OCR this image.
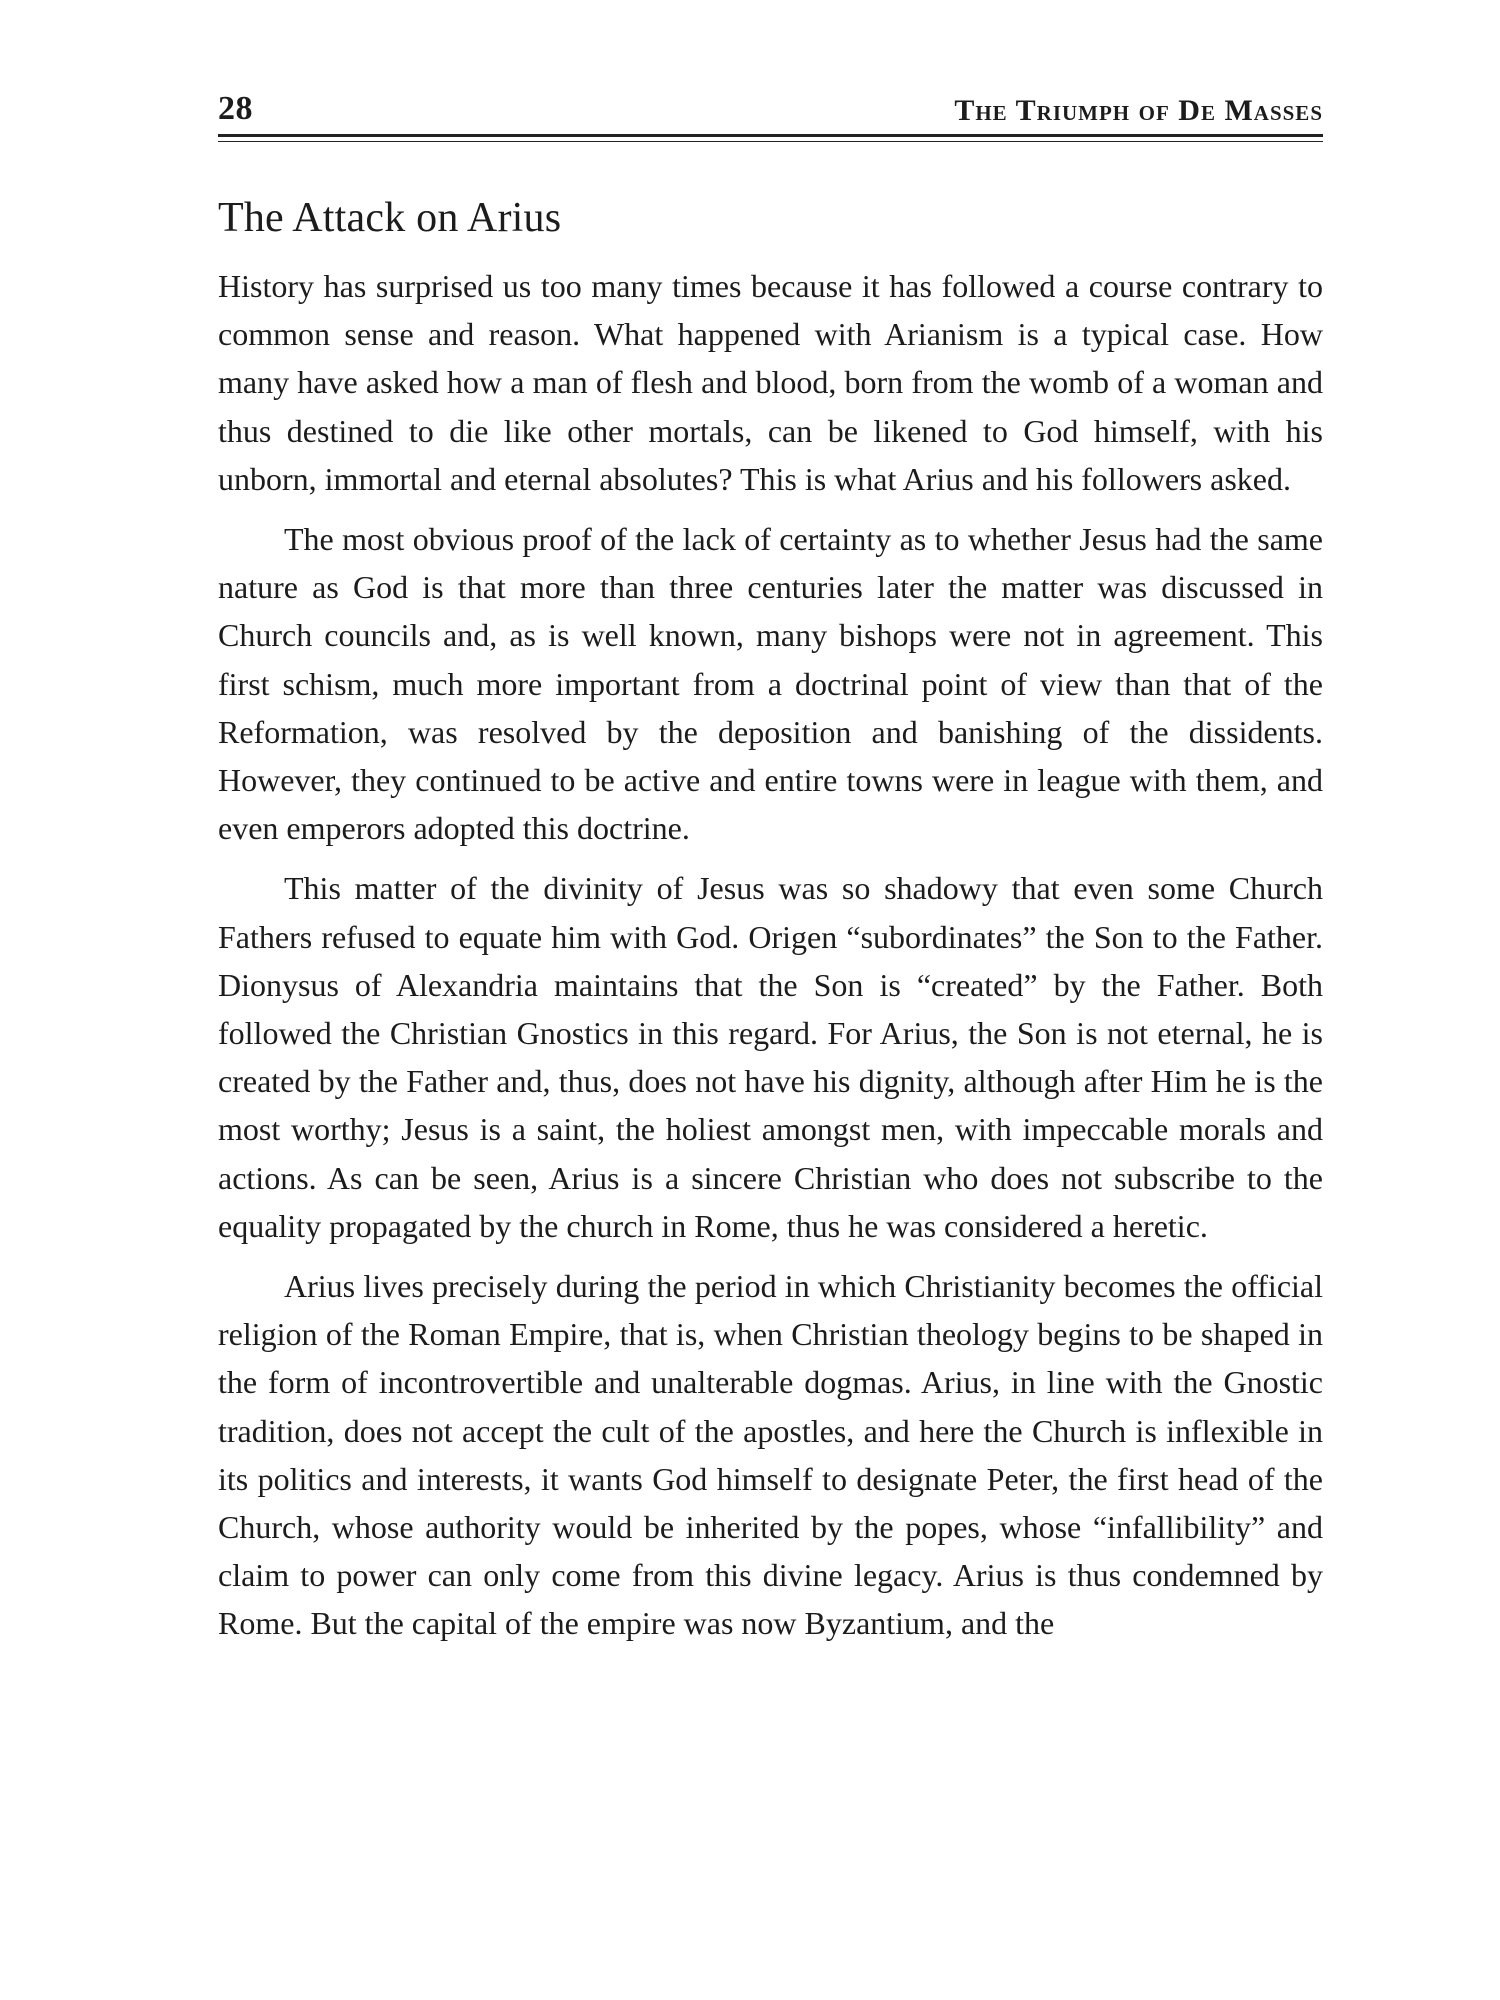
28	The Triumph of De Masses
The Attack on Arius

History has surprised us too many times because it has followed a course contrary to common sense and reason. What happened with Arianism is a typical case. How many have asked how a man of flesh and blood, born from the womb of a woman and thus destined to die like other mortals, can be likened to God himself, with his unborn, immortal and eternal absolutes? This is what Arius and his followers asked.

The most obvious proof of the lack of certainty as to whether Jesus had the same nature as God is that more than three centuries later the matter was discussed in Church councils and, as is well known, many bishops were not in agreement. This first schism, much more important from a doctrinal point of view than that of the Reformation, was resolved by the deposition and banishing of the dissidents. However, they continued to be active and entire towns were in league with them, and even emperors adopted this doctrine.

This matter of the divinity of Jesus was so shadowy that even some Church Fathers refused to equate him with God. Origen “subordinates” the Son to the Father. Dionysus of Alexandria maintains that the Son is “created” by the Father. Both followed the Christian Gnostics in this regard. For Arius, the Son is not eternal, he is created by the Father and, thus, does not have his dignity, although after Him he is the most worthy; Jesus is a saint, the holiest amongst men, with impeccable morals and actions. As can be seen, Arius is a sincere Christian who does not subscribe to the equality propagated by the church in Rome, thus he was considered a heretic.

Arius lives precisely during the period in which Christianity becomes the official religion of the Roman Empire, that is, when Christian theology begins to be shaped in the form of incontrovertible and unalterable dogmas. Arius, in line with the Gnostic tradition, does not accept the cult of the apostles, and here the Church is inflexible in its politics and interests, it wants God himself to designate Peter, the first head of the Church, whose authority would be inherited by the popes, whose “infallibility” and claim to power can only come from this divine legacy. Arius is thus condemned by Rome. But the capital of the empire was now Byzantium, and the
